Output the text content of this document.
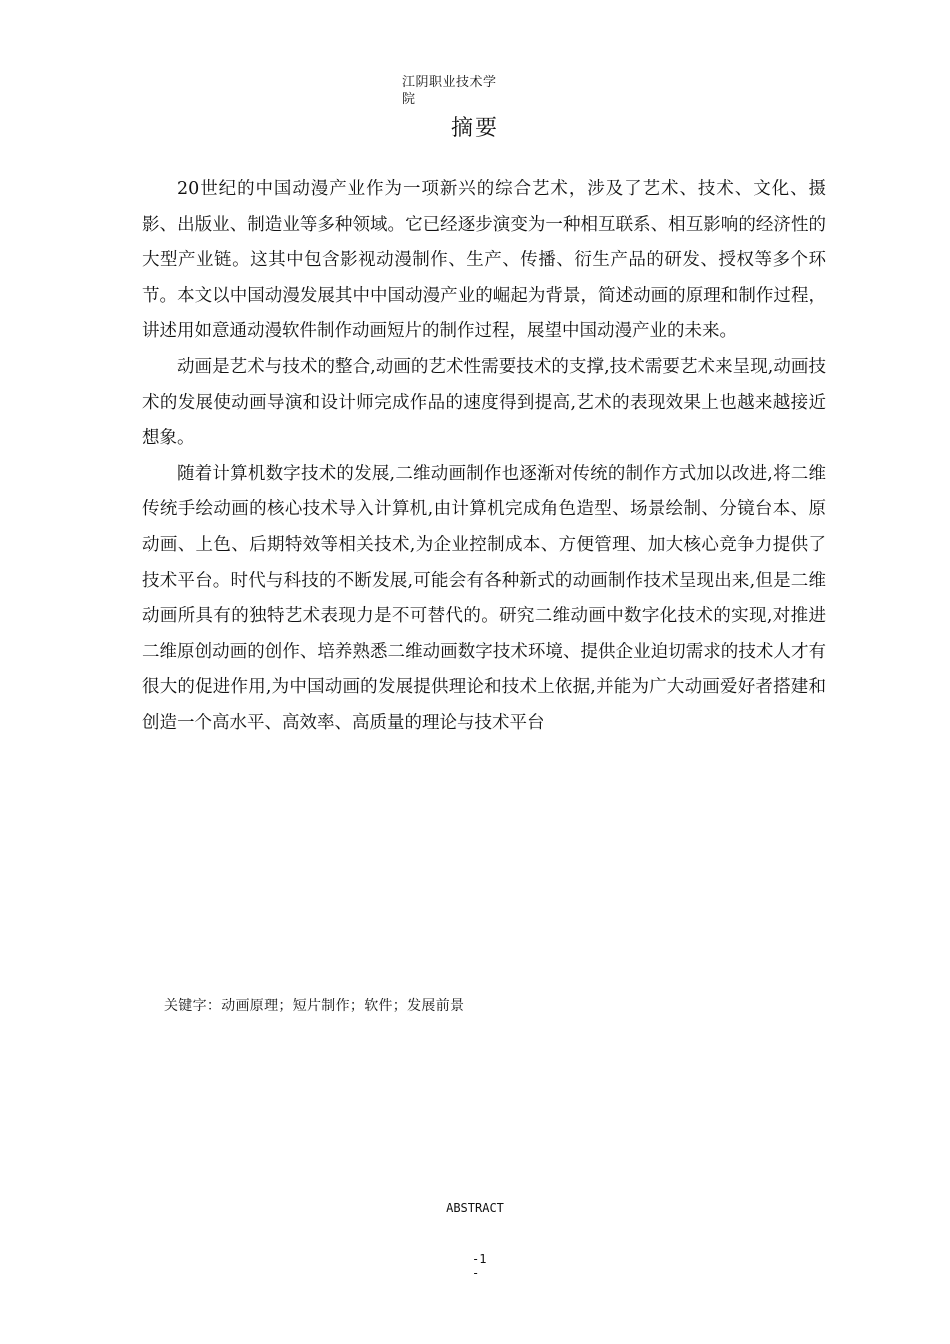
江阴职业技术学
院
摘要

20世纪的中国动漫产业作为一项新兴的综合艺术，涉及了艺术、技术、文化、摄影、出版业、制造业等多种领域。它已经逐步演变为一种相互联系、相互影响的经济性的大型产业链。这其中包含影视动漫制作、生产、传播、衍生产品的研发、授权等多个环节。本文以中国动漫发展其中中国动漫产业的崛起为背景，简述动画的原理和制作过程，讲述用如意通动漫软件制作动画短片的制作过程，展望中国动漫产业的未来。

动画是艺术与技术的整合,动画的艺术性需要技术的支撑,技术需要艺术来呈现,动画技术的发展使动画导演和设计师完成作品的速度得到提高,艺术的表现效果上也越来越接近想象。

随着计算机数字技术的发展,二维动画制作也逐渐对传统的制作方式加以改进,将二维传统手绘动画的核心技术导入计算机,由计算机完成角色造型、场景绘制、分镜台本、原动画、上色、后期特效等相关技术,为企业控制成本、方便管理、加大核心竞争力提供了技术平台。时代与科技的不断发展,可能会有各种新式的动画制作技术呈现出来,但是二维动画所具有的独特艺术表现力是不可替代的。研究二维动画中数字化技术的实现,对推进二维原创动画的创作、培养熟悉二维动画数字技术环境、提供企业迫切需求的技术人才有很大的促进作用,为中国动画的发展提供理论和技术上依据,并能为广大动画爱好者搭建和创造一个高水平、高效率、高质量的理论与技术平台

关键字：动画原理；短片制作；软件；发展前景
ABSTRACT
-1
-
